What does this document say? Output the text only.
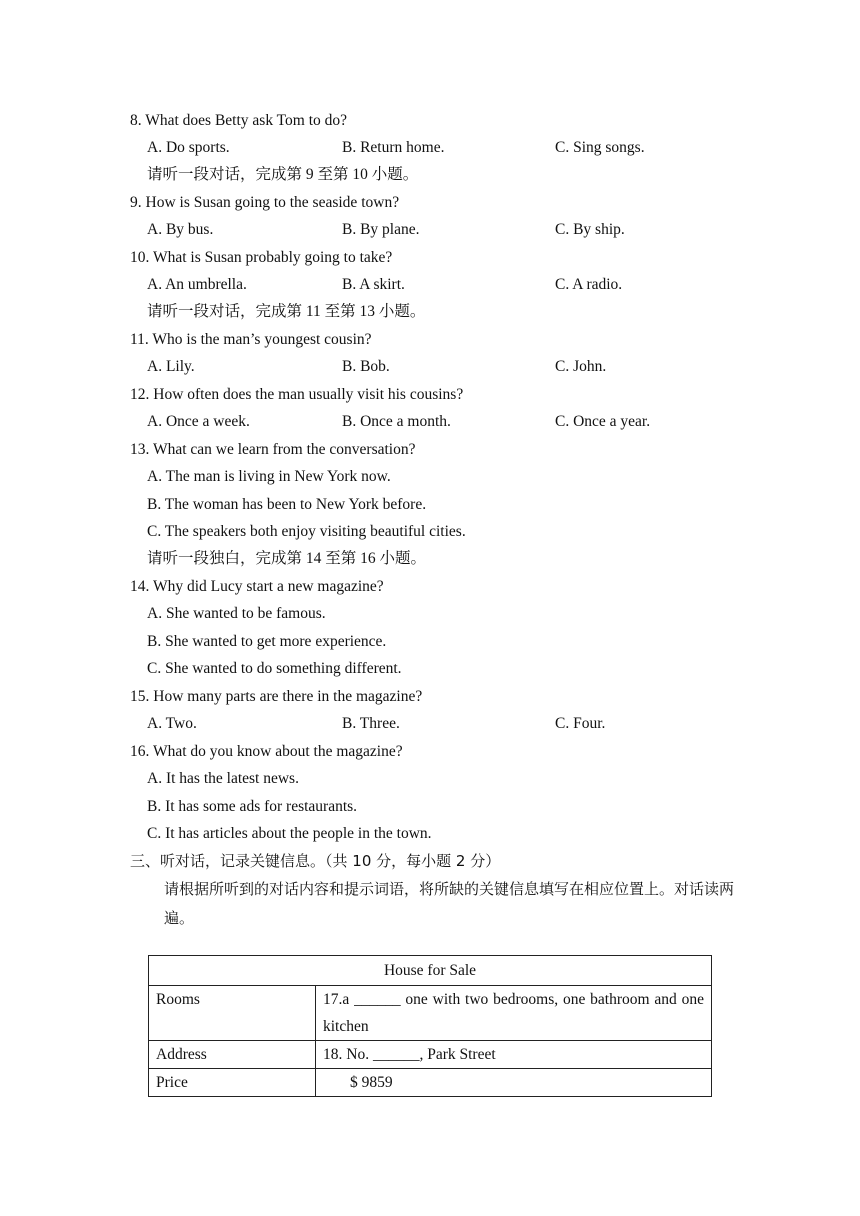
8. What does Betty ask Tom to do?
A. Do sports.	B. Return home.	C. Sing songs.
请听一段对话，完成第 9 至第 10 小题。
9. How is Susan going to the seaside town?
A. By bus.	B. By plane.	C. By ship.
10. What is Susan probably going to take?
A. An umbrella.	B. A skirt.	C. A radio.
请听一段对话，完成第 11 至第 13 小题。
11. Who is the man’s youngest cousin?
A. Lily.	B. Bob.	C. John.
12. How often does the man usually visit his cousins?
A. Once a week.	B. Once a month.	C. Once a year.
13. What can we learn from the conversation?
A. The man is living in New York now.
B. The woman has been to New York before.
C. The speakers both enjoy visiting beautiful cities.
请听一段独白，完成第 14 至第 16 小题。
14. Why did Lucy start a new magazine?
A. She wanted to be famous.
B. She wanted to get more experience.
C. She wanted to do something different.
15. How many parts are there in the magazine?
A. Two.	B. Three.	C. Four.
16. What do you know about the magazine?
A. It has the latest news.
B. It has some ads for restaurants.
C. It has articles about the people in the town.
三、听对话，记录关键信息。（共 10 分，每小题 2 分）
请根据所听到的对话内容和提示词语，将所缺的关键信息填写在相应位置上。对话读两遍。
House for Sale	
Rooms	17.a ______ one with two bedrooms, one bathroom and one kitchen
Address	18. No. ______, Park Street
Price	$ 9859
